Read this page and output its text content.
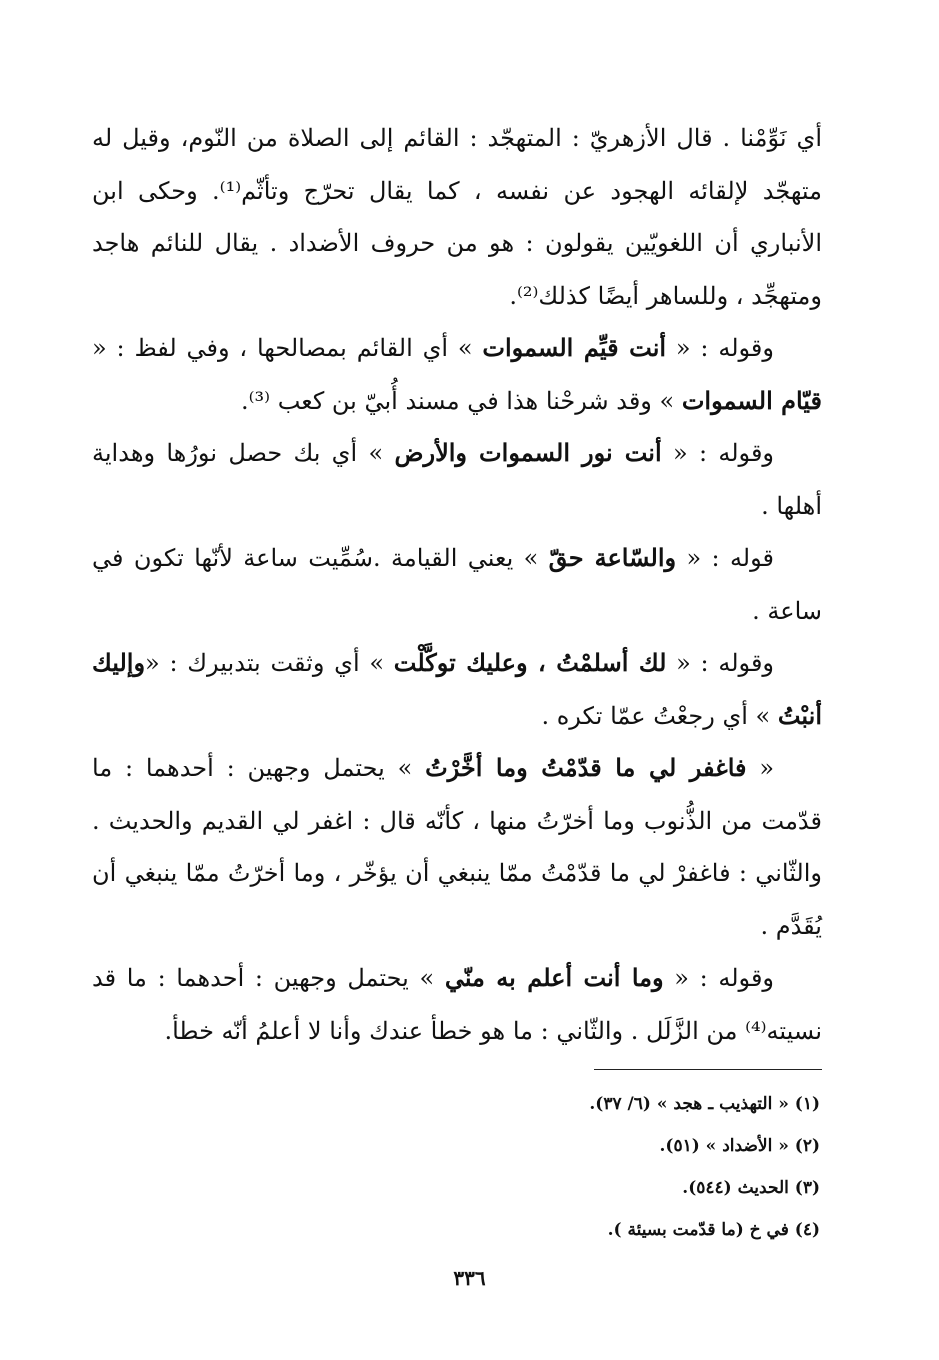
أي نَوِّمْنا . قال الأزهريّ : المتهجّد : القائم إلى الصلاة من النّوم، وقيل له متهجّد لإلقائه الهجود عن نفسه ، كما يقال تحرّج وتأثّم⁽¹⁾. وحكى ابن الأنباري أن اللغويّين يقولون : هو من حروف الأضداد . يقال للنائم هاجد ومتهجِّد ، وللساهر أيضًا كذلك⁽²⁾.

وقوله : « أنت قيِّم السموات » أي القائم بمصالحها ، وفي لفظ : « قيّام السموات » وقد شرحْنا هذا في مسند أُبيّ بن كعب ⁽³⁾.

وقوله : « أنت نور السموات والأرض » أي بك حصل نورُها وهداية أهلها .

قوله : « والسّاعة حقّ » يعني القيامة .سُمِّيت ساعة لأنّها تكون في ساعة .

وقوله : « لك أسلمْتُ ، وعليك توكَّلْت » أي وثقت بتدبيرك : «وإليك أنبْتُ » أي رجعْتُ عمّا تكره .

« فاغفر لي ما قدّمْتُ وما أخَّرْتُ » يحتمل وجهين : أحدهما : ما قدّمت من الذُّنوب وما أخرّتُ منها ، كأنّه قال : اغفر لي القديم والحديث . والثّاني : فاغفرْ لي ما قدّمْتُ ممّا ينبغي أن يؤخّر ، وما أخرّتُ ممّا ينبغي أن يُقَدَّم .

وقوله : « وما أنت أعلم به منّي » يحتمل وجهين : أحدهما : ما قد نسيته⁽⁴⁾ من الزَّلَل . والثّاني : ما هو خطأ عندك وأنا لا أعلمُ أنّه خطأ.

(١) « التهذيب ـ هجد » (٦/ ٣٧).

(٢) « الأضداد » (٥١).

(٣) الحديث (٥٤٤).

(٤) في خ (ما قدّمت بسيئة ).

٣٣٦
